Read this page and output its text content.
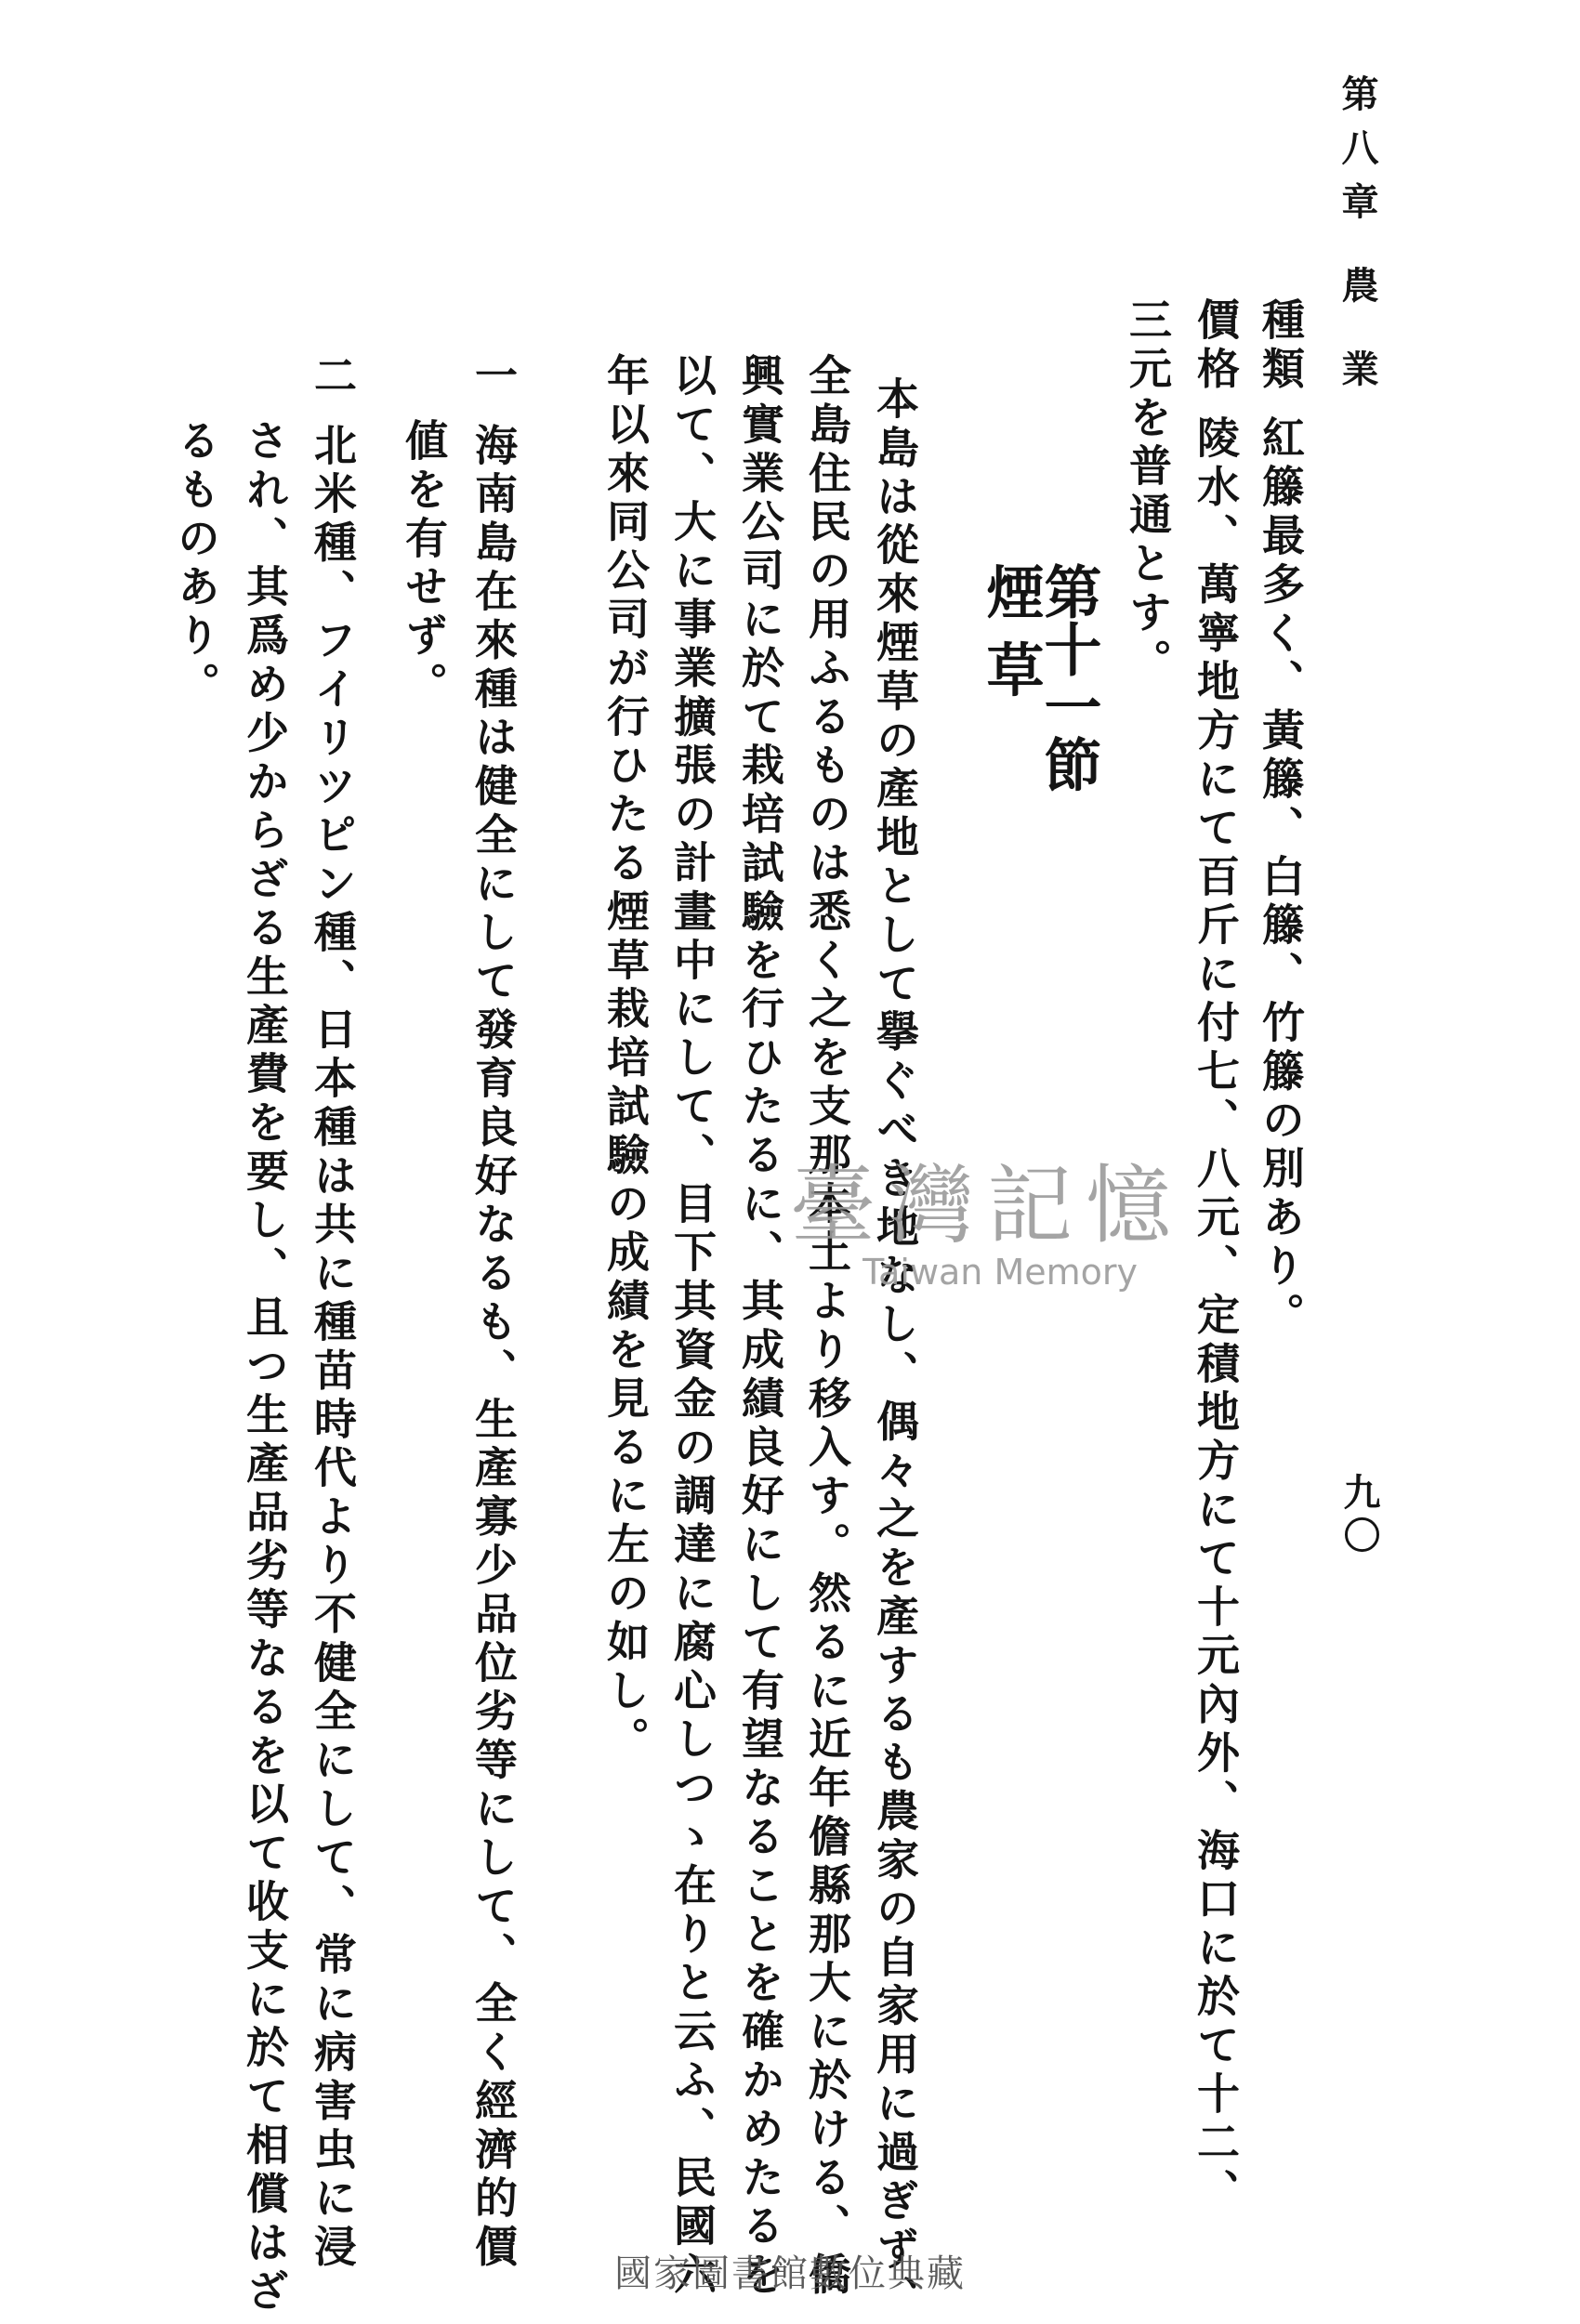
第八章 農 業
九〇
種類 紅籐最多く、黃籐、白籐、竹籐の別あり。
價格 陵水、萬寧地方にて百斤に付七、八元、定積地方にて十元內外、海口に於て十二、
三元を普通とす。
第十一節
煙 草
本島は從來煙草の產地として擧ぐべき地なし、偶々之を產するも農家の自家用に過ぎず、
全島住民の用ふるものは悉く之を支那本土より移入す。然るに近年儋縣那大に於ける、僑
興實業公司に於て栽培試驗を行ひたるに、其成績良好にして有望なることを確かめたるを
以て、大に事業擴張の計畫中にして、目下其資金の調達に腐心しつゝ在りと云ふ、民國六
年以來同公司が行ひたる煙草栽培試驗の成績を見るに左の如し。
一 海南島在來種は健全にして發育良好なるも、生產寡少品位劣等にして、全く經濟的價
値を有せず。
二 北米種、フイリツピン種、日本種は共に種苗時代より不健全にして、常に病害虫に浸
され、其爲め少からざる生產費を要し、且つ生產品劣等なるを以て收支に於て相償はざ
るものあり。
臺灣記憶
Taiwan Memory
國家圖書館數位典藏
